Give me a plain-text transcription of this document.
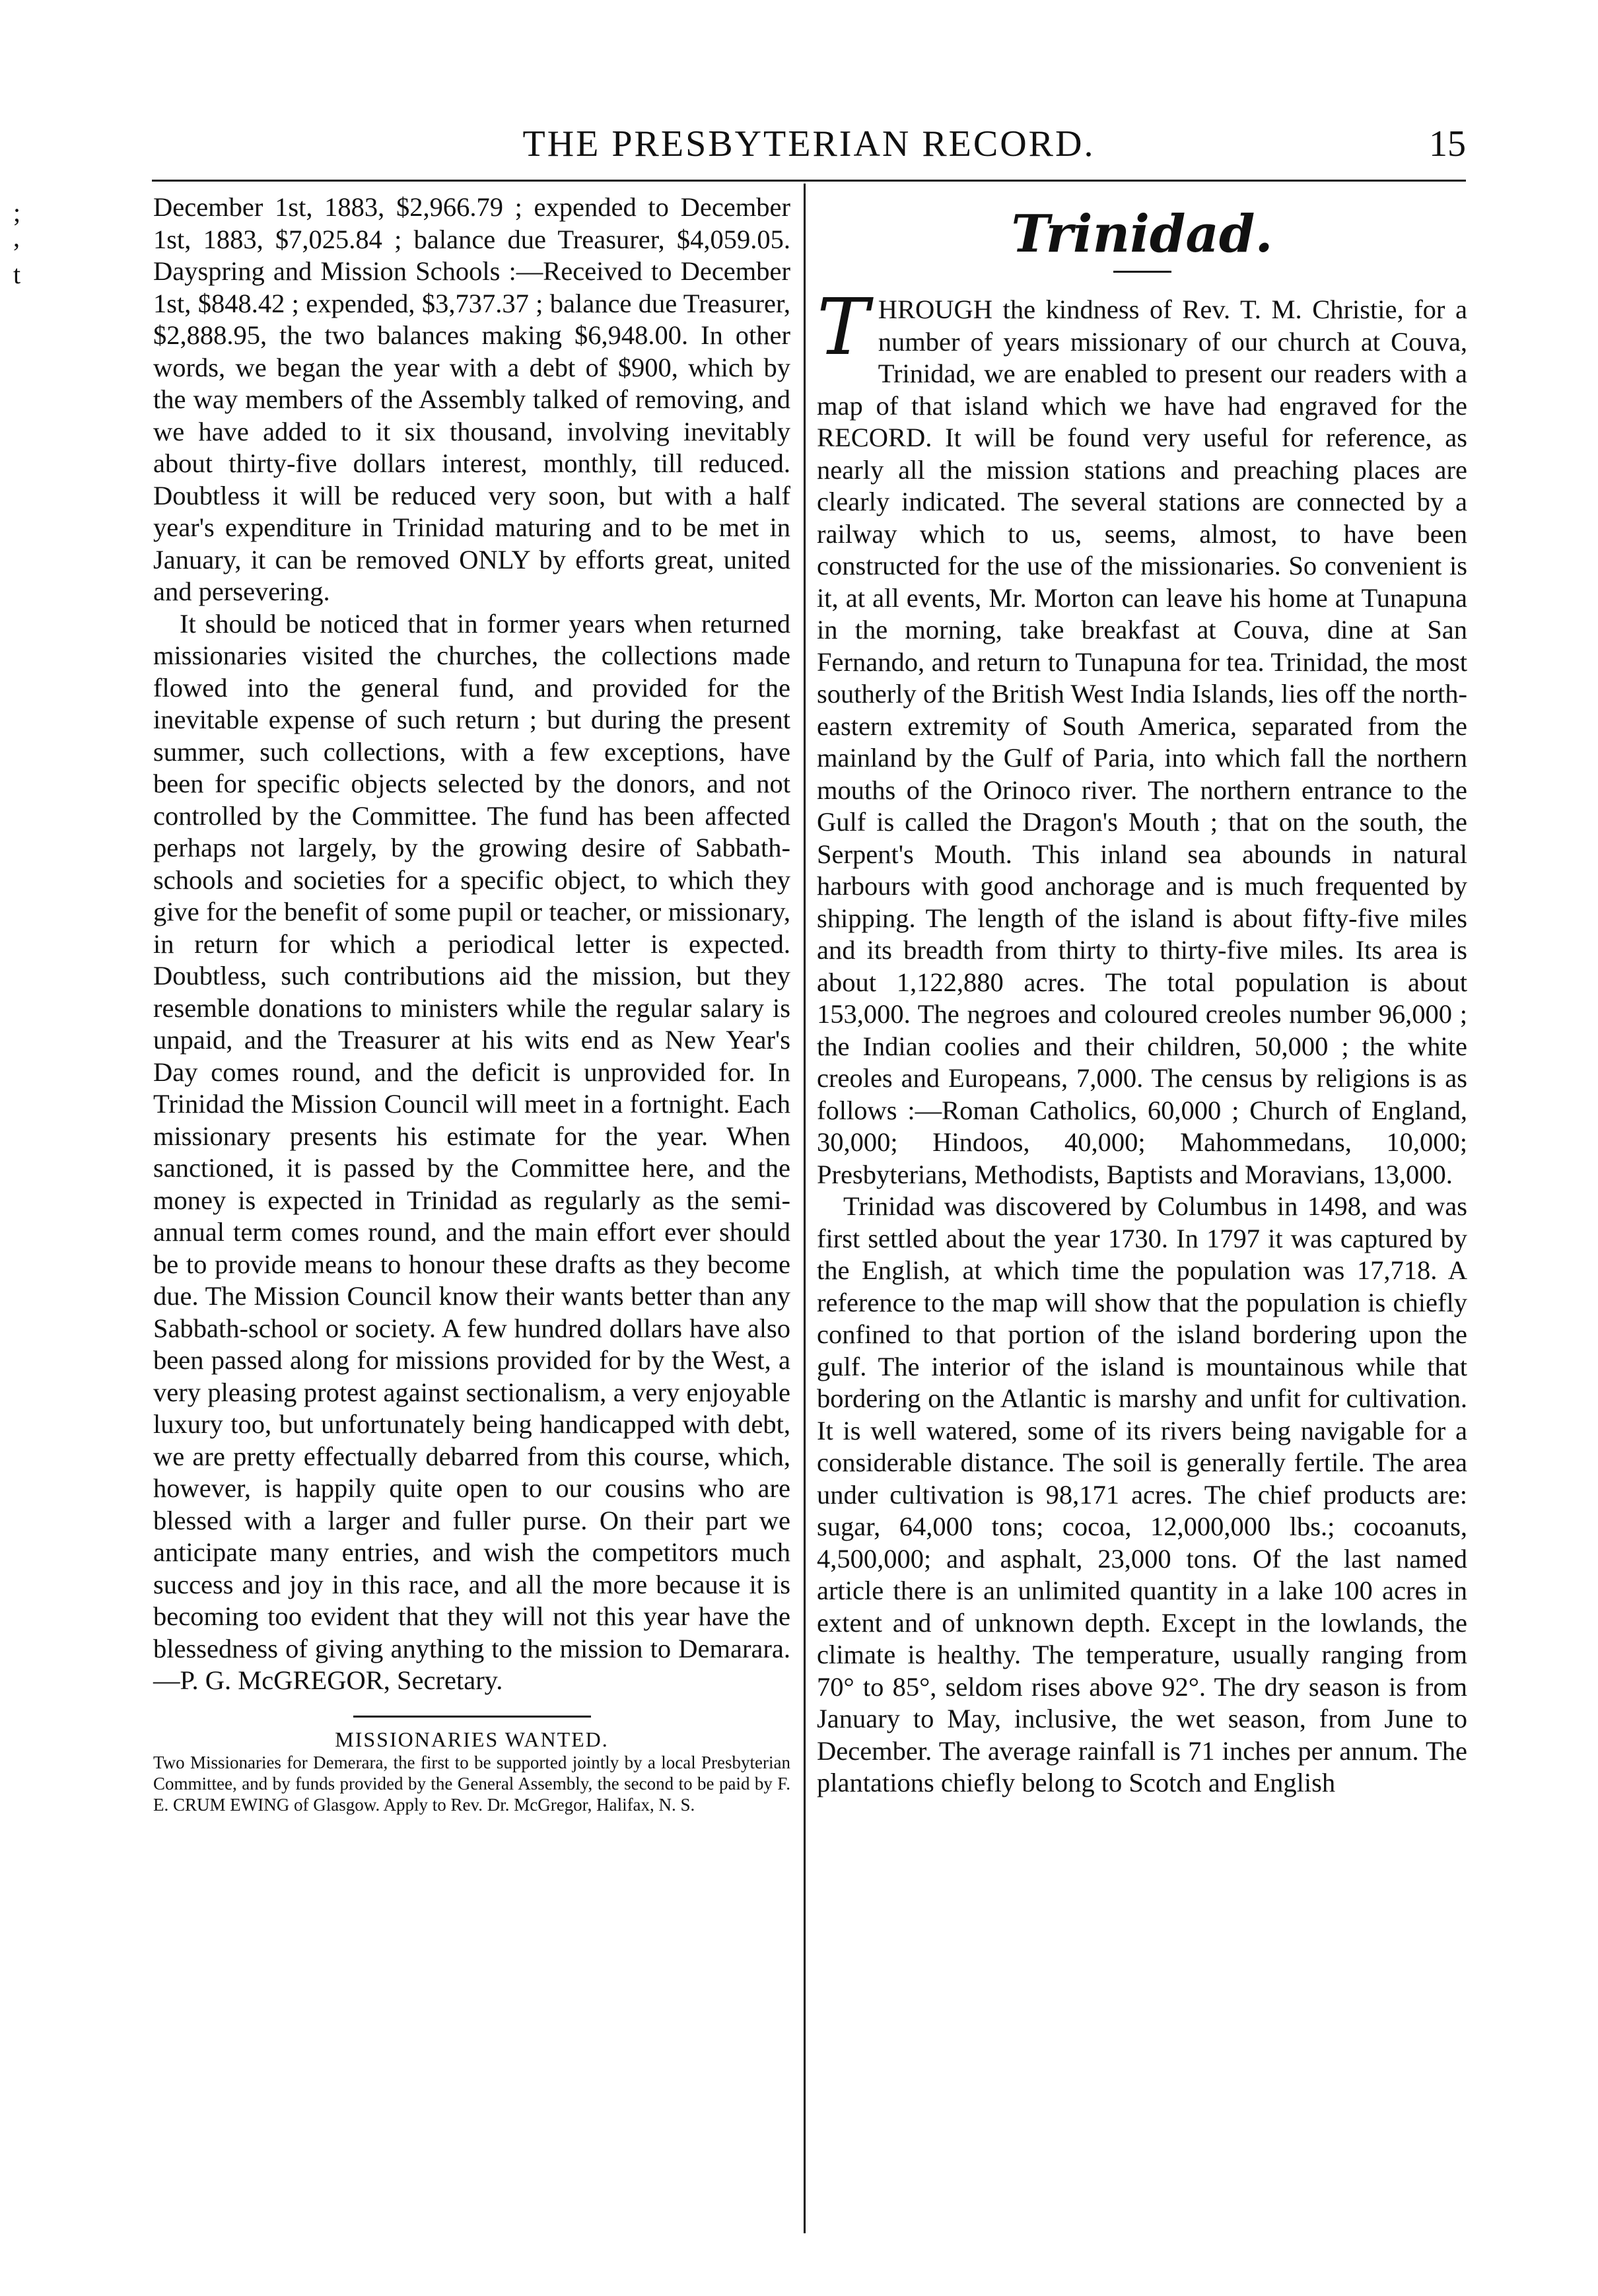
THE PRESBYTERIAN RECORD.	15
;
,
t

December 1st, 1883, $2,966.79 ; expended to December 1st, 1883, $7,025.84 ; balance due Treasurer, $4,059.05. Dayspring and Mission Schools :—Received to December 1st, $848.42 ; expended, $3,737.37 ; balance due Treasurer, $2,888.95, the two balances making $6,948.00. In other words, we began the year with a debt of $900, which by the way members of the Assembly talked of removing, and we have added to it six thousand, involving inevitably about thirty-five dollars interest, monthly, till reduced. Doubtless it will be reduced very soon, but with a half year's expenditure in Trinidad maturing and to be met in January, it can be removed ONLY by efforts great, united and persevering.

It should be noticed that in former years when returned missionaries visited the churches, the collections made flowed into the general fund, and provided for the inevitable expense of such return ; but during the present summer, such collections, with a few exceptions, have been for specific objects selected by the donors, and not controlled by the Committee. The fund has been affected perhaps not largely, by the growing desire of Sabbath-schools and societies for a specific object, to which they give for the benefit of some pupil or teacher, or missionary, in return for which a periodical letter is expected. Doubtless, such contributions aid the mission, but they resemble donations to ministers while the regular salary is unpaid, and the Treasurer at his wits end as New Year's Day comes round, and the deficit is unprovided for. In Trinidad the Mission Council will meet in a fortnight. Each missionary presents his estimate for the year. When sanctioned, it is passed by the Committee here, and the money is expected in Trinidad as regularly as the semi-annual term comes round, and the main effort ever should be to provide means to honour these drafts as they become due. The Mission Council know their wants better than any Sabbath-school or society. A few hundred dollars have also been passed along for missions provided for by the West, a very pleasing protest against sectionalism, a very enjoyable luxury too, but unfortunately being handicapped with debt, we are pretty effectually debarred from this course, which, however, is happily quite open to our cousins who are blessed with a larger and fuller purse. On their part we anticipate many entries, and wish the competitors much success and joy in this race, and all the more because it is becoming too evident that they will not this year have the blessedness of giving anything to the mission to Demarara.—P. G. McGREGOR, Secretary.

MISSIONARIES WANTED.

Two Missionaries for Demerara, the first to be supported jointly by a local Presbyterian Committee, and by funds provided by the General Assembly, the second to be paid by F. E. CRUM EWING of Glasgow. Apply to Rev. Dr. McGregor, Halifax, N. S.

Trinidad.

T HROUGH the kindness of Rev. T. M. Christie, for a number of years missionary of our church at Couva, Trinidad, we are enabled to present our readers with a map of that island which we have had engraved for the RECORD. It will be found very useful for reference, as nearly all the mission stations and preaching places are clearly indicated. The several stations are connected by a railway which to us, seems, almost, to have been constructed for the use of the missionaries. So convenient is it, at all events, Mr. Morton can leave his home at Tunapuna in the morning, take breakfast at Couva, dine at San Fernando, and return to Tunapuna for tea. Trinidad, the most southerly of the British West India Islands, lies off the north-eastern extremity of South America, separated from the mainland by the Gulf of Paria, into which fall the northern mouths of the Orinoco river. The northern entrance to the Gulf is called the Dragon's Mouth ; that on the south, the Serpent's Mouth. This inland sea abounds in natural harbours with good anchorage and is much frequented by shipping. The length of the island is about fifty-five miles and its breadth from thirty to thirty-five miles. Its area is about 1,122,880 acres. The total population is about 153,000. The negroes and coloured creoles number 96,000 ; the Indian coolies and their children, 50,000 ; the white creoles and Europeans, 7,000. The census by religions is as follows :—Roman Catholics, 60,000 ; Church of England, 30,000; Hindoos, 40,000; Mahommedans, 10,000; Presbyterians, Methodists, Baptists and Moravians, 13,000.

Trinidad was discovered by Columbus in 1498, and was first settled about the year 1730. In 1797 it was captured by the English, at which time the population was 17,718. A reference to the map will show that the population is chiefly confined to that portion of the island bordering upon the gulf. The interior of the island is mountainous while that bordering on the Atlantic is marshy and unfit for cultivation. It is well watered, some of its rivers being navigable for a considerable distance. The soil is generally fertile. The area under cultivation is 98,171 acres. The chief products are: sugar, 64,000 tons; cocoa, 12,000,000 lbs.; cocoanuts, 4,500,000; and asphalt, 23,000 tons. Of the last named article there is an unlimited quantity in a lake 100 acres in extent and of unknown depth. Except in the lowlands, the climate is healthy. The temperature, usually ranging from 70° to 85°, seldom rises above 92°. The dry season is from January to May, inclusive, the wet season, from June to December. The average rainfall is 71 inches per annum. The plantations chiefly belong to Scotch and English
